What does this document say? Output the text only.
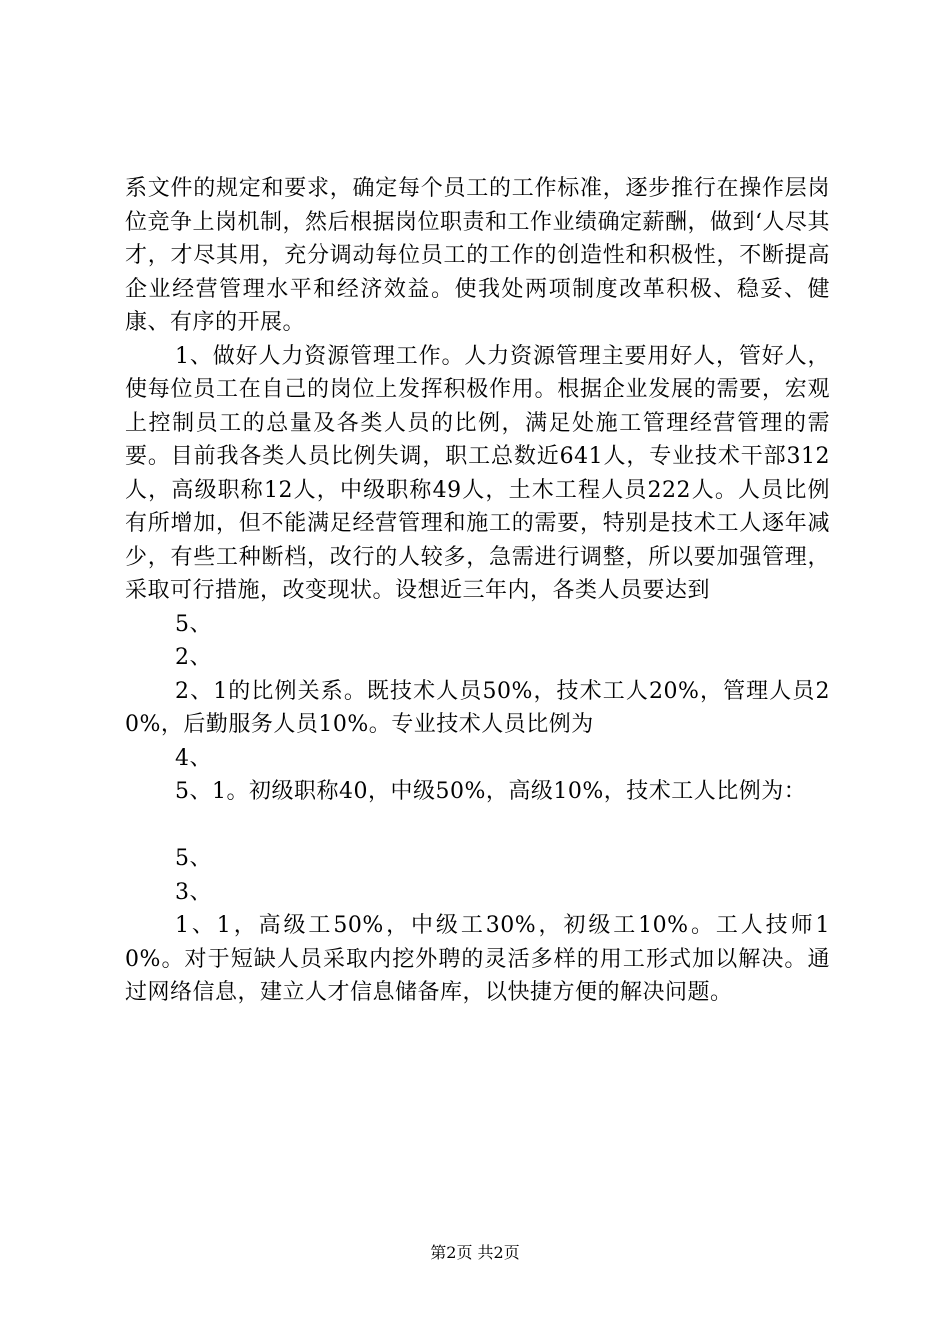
系文件的规定和要求，确定每个员工的工作标准，逐步推行在操作层岗位竞争上岗机制，然后根据岗位职责和工作业绩确定薪酬，做到‘人尽其才，才尽其用，充分调动每位员工的工作的创造性和积极性，不断提高企业经营管理水平和经济效益。使我处两项制度改革积极、稳妥、健康、有序的开展。

1、做好人力资源管理工作。人力资源管理主要用好人，管好人，使每位员工在自己的岗位上发挥积极作用。根据企业发展的需要，宏观上控制员工的总量及各类人员的比例，满足处施工管理经营管理的需要。目前我各类人员比例失调，职工总数近641人，专业技术干部312人，高级职称12人，中级职称49人，土木工程人员222人。人员比例有所增加，但不能满足经营管理和施工的需要，特别是技术工人逐年减少，有些工种断档，改行的人较多，急需进行调整，所以要加强管理，采取可行措施，改变现状。设想近三年内，各类人员要达到

5、

2、

2、1的比例关系。既技术人员50%，技术工人20%，管理人员20%，后勤服务人员10%。专业技术人员比例为

4、

5、1。初级职称40，中级50%，高级10%，技术工人比例为：

5、

3、

1、1，高级工50%，中级工30%，初级工10%。工人技师10%。对于短缺人员采取内挖外聘的灵活多样的用工形式加以解决。通过网络信息，建立人才信息储备库，以快捷方便的解决问题。

第2页 共2页
